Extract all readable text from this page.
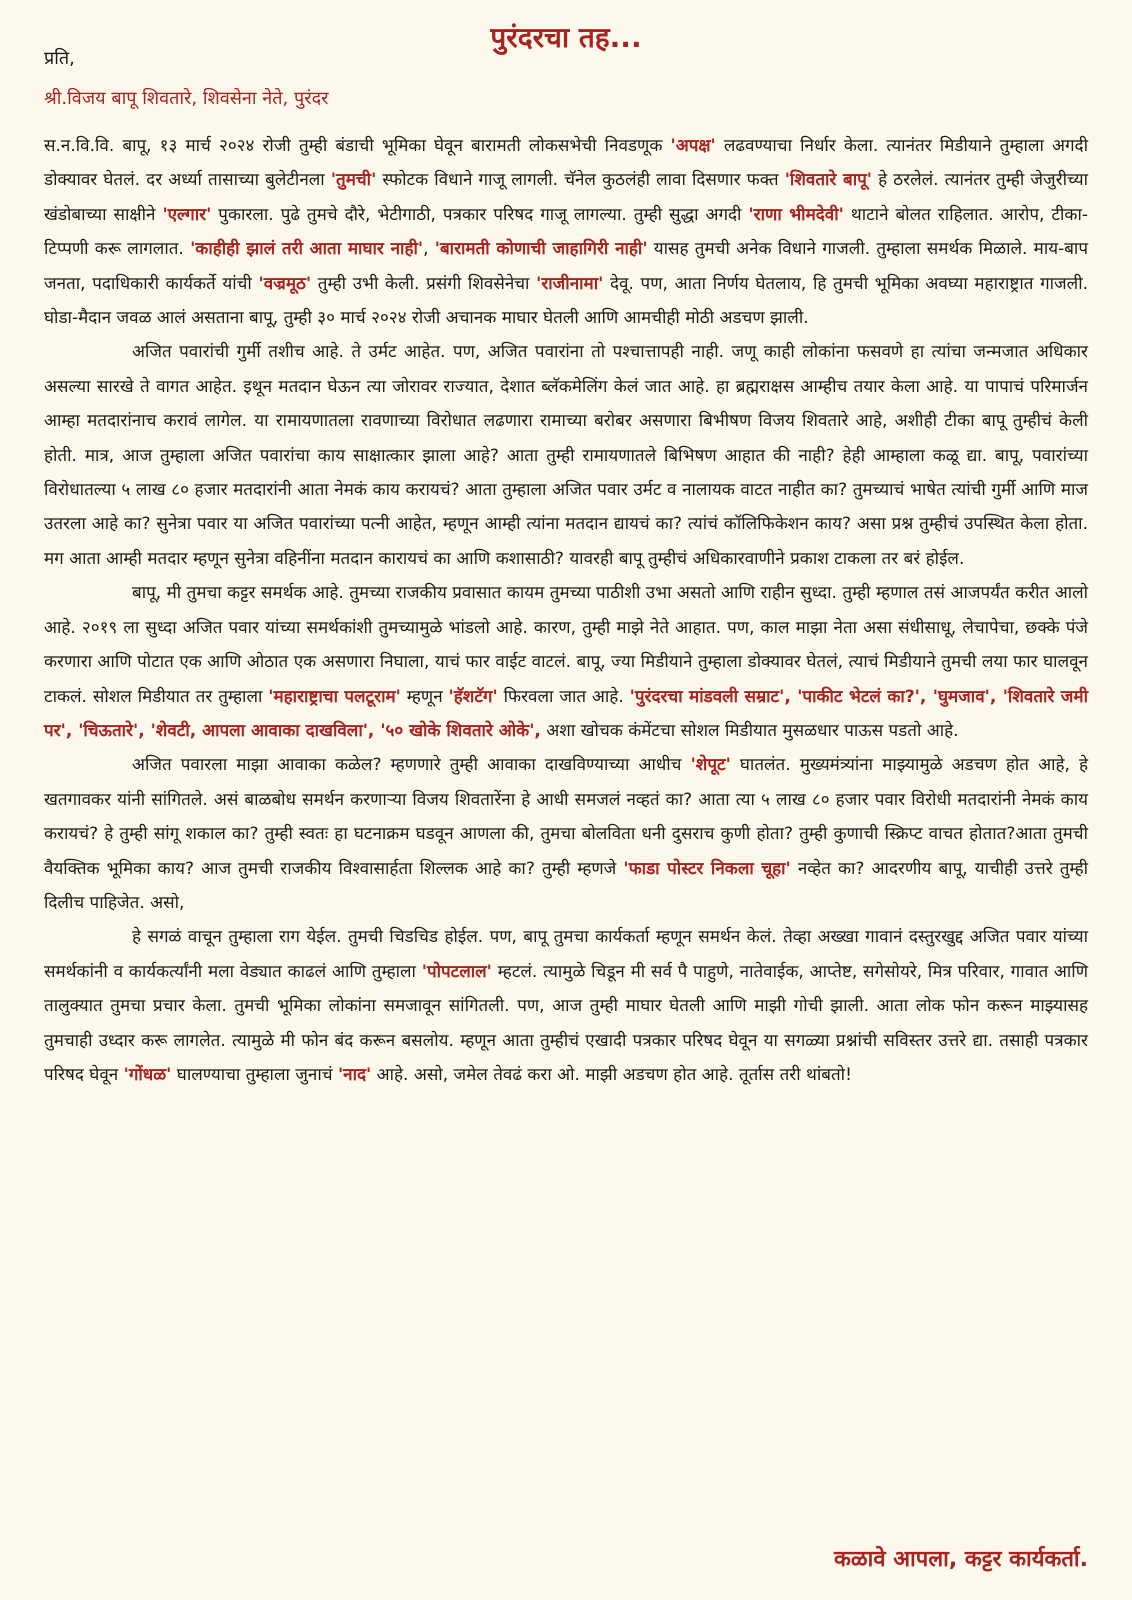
पुरंदरचा तह...
प्रति,
श्री.विजय बापू शिवतारे, शिवसेना नेते, पुरंदर

स.न.वि.वि. बापू, १३ मार्च २०२४ रोजी तुम्ही बंडाची भूमिका घेवून बारामती लोकसभेची निवडणूक 'अपक्ष' लढवण्याचा निर्धार केला. त्यानंतर मिडीयाने तुम्हाला अगदी डोक्यावर घेतलं. दर अर्ध्या तासाच्या बुलेटीनला 'तुमची' स्फोटक विधाने गाजू लागली. चॅनेल कुठलंही लावा दिसणार फक्त 'शिवतारे बापू' हे ठरलेलं. त्यानंतर तुम्ही जेजुरीच्या खंडोबाच्या साक्षीने 'एल्गार' पुकारला. पुढे तुमचे दौरे, भेटीगाठी, पत्रकार परिषद गाजू लागल्या. तुम्ही सुद्धा अगदी 'राणा भीमदेवी' थाटाने बोलत राहिलात. आरोप, टीका-टिप्पणी करू लागलात. 'काहीही झालं तरी आता माघार नाही', 'बारामती कोणाची जाहागिरी नाही' यासह तुमची अनेक विधाने गाजली. तुम्हाला समर्थक मिळाले. माय-बाप जनता, पदाधिकारी कार्यकर्ते यांची 'वज्रमूठ' तुम्ही उभी केली. प्रसंगी शिवसेनेचा 'राजीनामा' देवू. पण, आता निर्णय घेतलाय, हि तुमची भूमिका अवघ्या महाराष्ट्रात गाजली. घोडा-मैदान जवळ आलं असताना बापू, तुम्ही ३० मार्च २०२४ रोजी अचानक माघार घेतली आणि आमचीही मोठी अडचण झाली.

अजित पवारांची गुर्मी तशीच आहे. ते उर्मट आहेत. पण, अजित पवारांना तो पश्चात्तापही नाही. जणू काही लोकांना फसवणे हा त्यांचा जन्मजात अधिकार असल्या सारखे ते वागत आहेत. इथून मतदान घेऊन त्या जोरावर राज्यात, देशात ब्लॅकमेलिंग केलं जात आहे. हा ब्रह्मराक्षस आम्हीच तयार केला आहे. या पापाचं परिमार्जन आम्हा मतदारांनाच करावं लागेल. या रामायणातला रावणाच्या विरोधात लढणारा रामाच्या बरोबर असणारा बिभीषण विजय शिवतारे आहे, अशीही टीका बापू तुम्हीचं केली होती. मात्र, आज तुम्हाला अजित पवारांचा काय साक्षात्कार झाला आहे? आता तुम्ही रामायणातले बिभिषण आहात की नाही? हेही आम्हाला कळू द्या. बापू, पवारांच्या विरोधातल्या ५ लाख ८० हजार मतदारांनी आता नेमकं काय करायचं? आता तुम्हाला अजित पवार उर्मट व नालायक वाटत नाहीत का? तुमच्याचं भाषेत त्यांची गुर्मी आणि माज उतरला आहे का? सुनेत्रा पवार या अजित पवारांच्या पत्नी आहेत, म्हणून आम्ही त्यांना मतदान द्यायचं का? त्यांचं कॉलिफिकेशन काय? असा प्रश्न तुम्हीचं उपस्थित केला होता. मग आता आम्ही मतदार म्हणून सुनेत्रा वहिनींना मतदान कारायचं का आणि कशासाठी? यावरही बापू तुम्हीचं अधिकारवाणीने प्रकाश टाकला तर बरं होईल.

बापू, मी तुमचा कट्टर समर्थक आहे. तुमच्या राजकीय प्रवासात कायम तुमच्या पाठीशी उभा असतो आणि राहीन सुध्दा. तुम्ही म्हणाल तसं आजपर्यंत करीत आलो आहे. २०१९ ला सुध्दा अजित पवार यांच्या समर्थकांशी तुमच्यामुळे भांडलो आहे. कारण, तुम्ही माझे नेते आहात. पण, काल माझा नेता असा संधीसाधू, लेचापेचा, छक्के पंजे करणारा आणि पोटात एक आणि ओठात एक असणारा निघाला, याचं फार वाईट वाटलं. बापू, ज्या मिडीयाने तुम्हाला डोक्यावर घेतलं, त्याचं मिडीयाने तुमची लया फार घालवून टाकलं. सोशल मिडीयात तर तुम्हाला 'महाराष्ट्राचा पलटूराम' म्हणून 'हॅशटॅग' फिरवला जात आहे. 'पुरंदरचा मांडवली सम्राट', 'पाकीट भेटलं का?', 'घुमजाव', 'शिवतारे जमी पर', 'चिऊतारे', 'शेवटी, आपला आवाका दाखविला', '५० खोके शिवतारे ओके', अशा खोचक कंमेंटचा सोशल मिडीयात मुसळधार पाऊस पडतो आहे.

अजित पवारला माझा आवाका कळेल? म्हणणारे तुम्ही आवाका दाखविण्याच्या आधीच 'शेपूट' घातलंत. मुख्यमंत्र्यांना माझ्यामुळे अडचण होत आहे, हे खतगावकर यांनी सांगितले. असं बाळबोध समर्थन करणाऱ्या विजय शिवतारेंना हे आधी समजलं नव्हतं का? आता त्या ५ लाख ८० हजार पवार विरोधी मतदारांनी नेमकं काय करायचं? हे तुम्ही सांगू शकाल का? तुम्ही स्वतः हा घटनाक्रम घडवून आणला की, तुमचा बोलविता धनी दुसराच कुणी होता? तुम्ही कुणाची स्क्रिप्ट वाचत होतात?आता तुमची वैयक्तिक भूमिका काय? आज तुमची राजकीय विश्वासार्हता शिल्लक आहे का? तुम्ही म्हणजे 'फाडा पोस्टर निकला चूहा' नव्हेत का? आदरणीय बापू, याचीही उत्तरे तुम्ही दिलीच पाहिजेत. असो,

हे सगळं वाचून तुम्हाला राग येईल. तुमची चिडचिड होईल. पण, बापू तुमचा कार्यकर्ता म्हणून समर्थन केलं. तेव्हा अख्खा गावानं दस्तुरखुद्द अजित पवार यांच्या समर्थकांनी व कार्यकर्त्यांनी मला वेड्यात काढलं आणि तुम्हाला 'पोपटलाल' म्हटलं. त्यामुळे चिडून मी सर्व पै पाहुणे, नातेवाईक, आप्तेष्ट, सगेसोयरे, मित्र परिवार, गावात आणि तालुक्यात तुमचा प्रचार केला. तुमची भूमिका लोकांना समजावून सांगितली. पण, आज तुम्ही माघार घेतली आणि माझी गोची झाली. आता लोक फोन करून माझ्यासह तुमचाही उध्दार करू लागलेत. त्यामुळे मी फोन बंद करून बसलोय. म्हणून आता तुम्हीचं एखादी पत्रकार परिषद घेवून या सगळ्या प्रश्नांची सविस्तर उत्तरे द्या. तसाही पत्रकार परिषद घेवून 'गोंधळ' घालण्याचा तुम्हाला जुनाचं 'नाद' आहे. असो, जमेल तेवढं करा ओ. माझी अडचण होत आहे. तूर्तास तरी थांबतो!

कळावे आपला, कट्टर कार्यकर्ता.
